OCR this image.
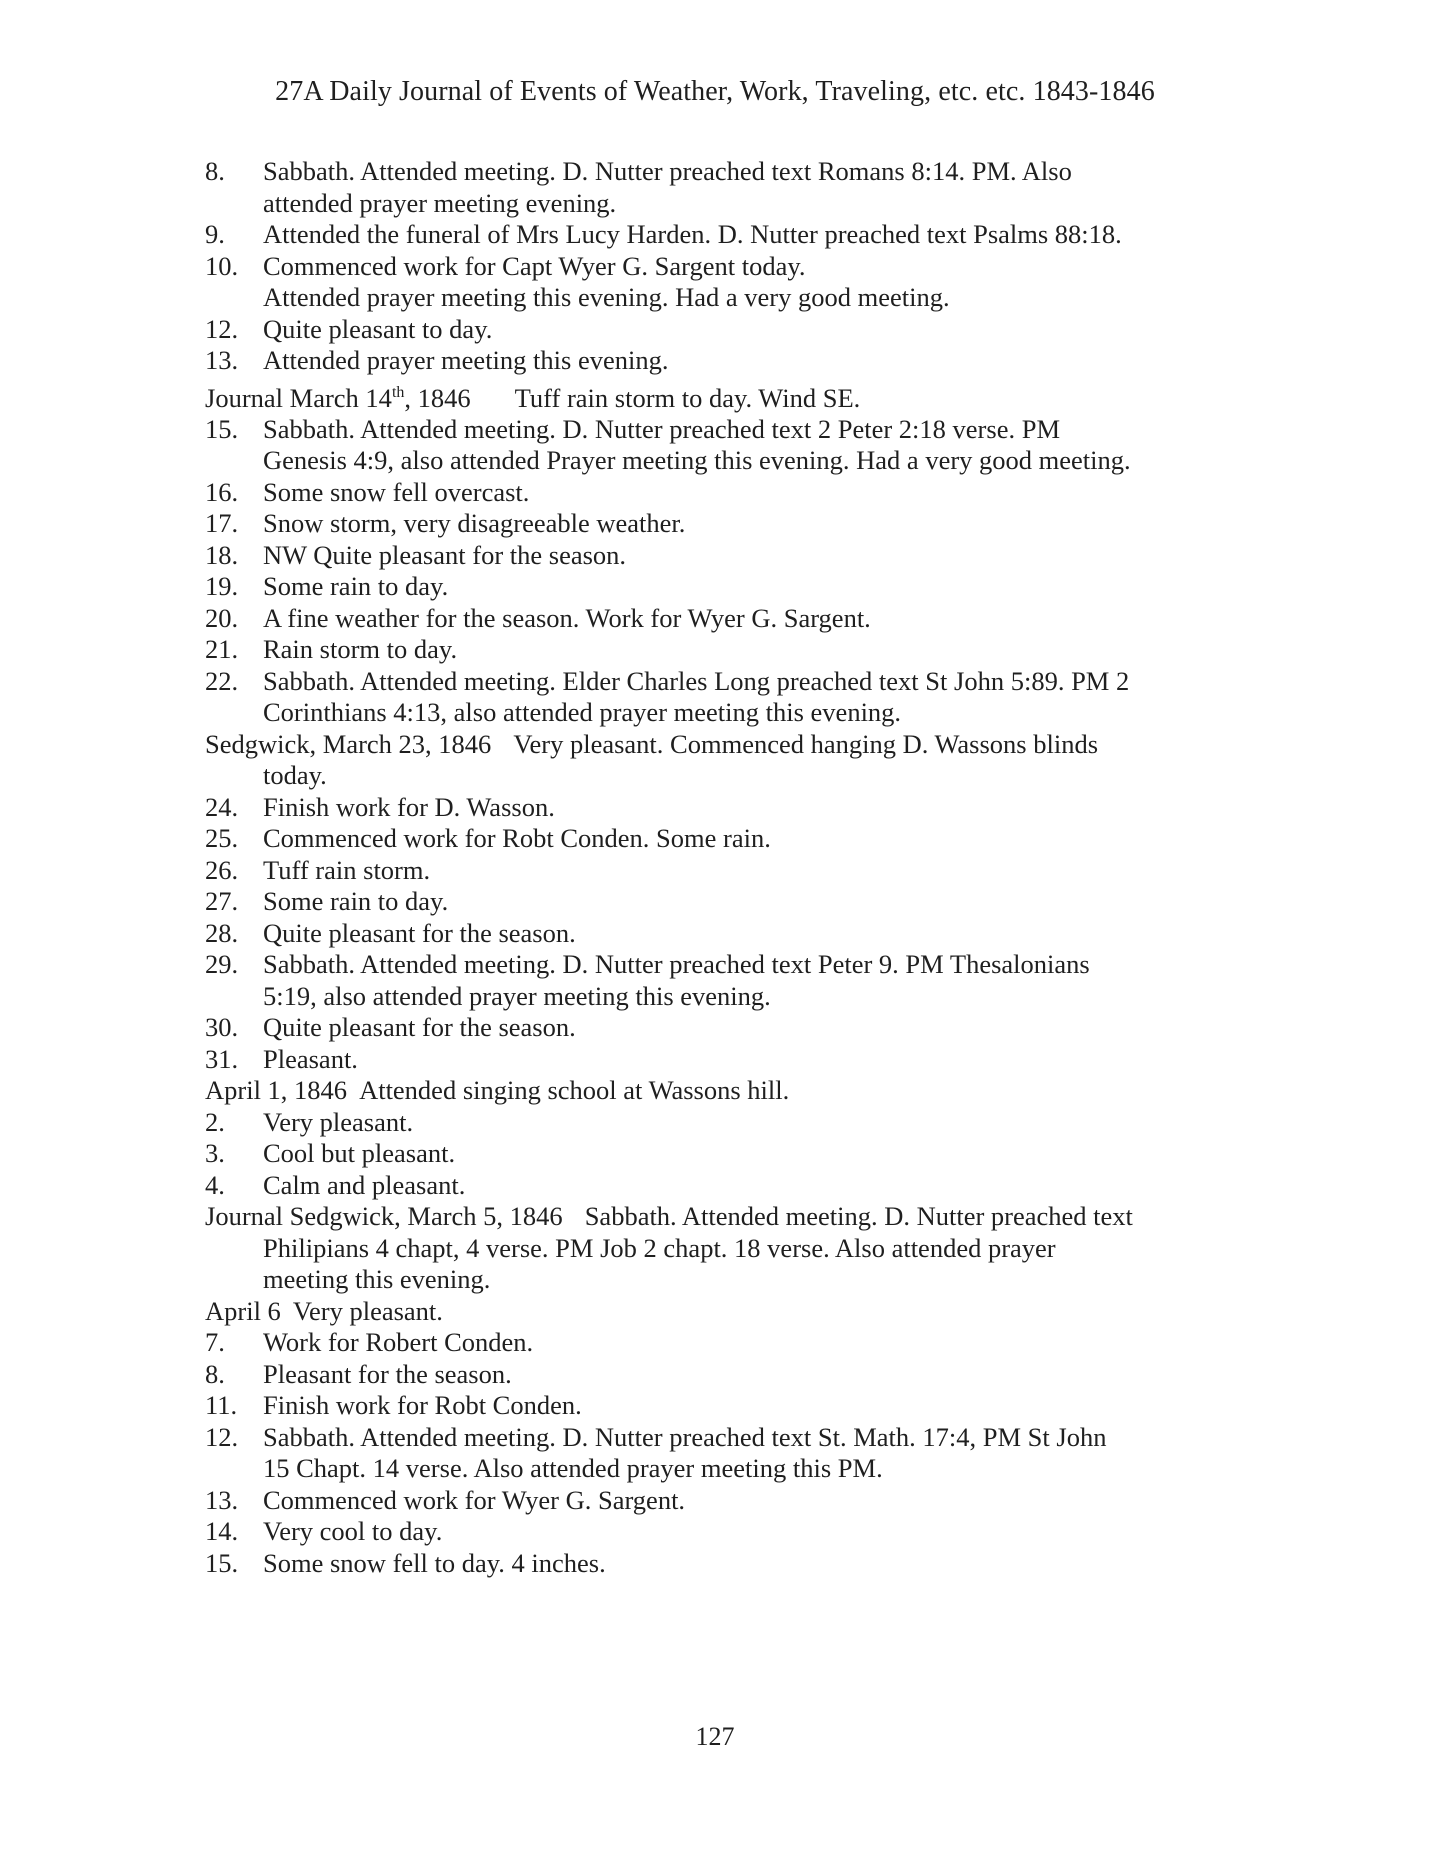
27A Daily Journal of Events of Weather, Work, Traveling, etc. etc. 1843-1846
8. Sabbath. Attended meeting. D. Nutter preached text Romans 8:14. PM. Also
attended prayer meeting evening.
9. Attended the funeral of Mrs Lucy Harden. D. Nutter preached text Psalms 88:18.
10. Commenced work for Capt Wyer G. Sargent today.
Attended prayer meeting this evening. Had a very good meeting.
12. Quite pleasant to day.
13. Attended prayer meeting this evening.
Journal March 14th, 1846 Tuff rain storm to day. Wind SE.
15. Sabbath. Attended meeting. D. Nutter preached text 2 Peter 2:18 verse. PM
Genesis 4:9, also attended Prayer meeting this evening. Had a very good meeting.
16. Some snow fell overcast.
17. Snow storm, very disagreeable weather.
18. NW Quite pleasant for the season.
19. Some rain to day.
20. A fine weather for the season. Work for Wyer G. Sargent.
21. Rain storm to day.
22. Sabbath. Attended meeting. Elder Charles Long preached text St John 5:89. PM 2
Corinthians 4:13, also attended prayer meeting this evening.
Sedgwick, March 23, 1846 Very pleasant. Commenced hanging D. Wassons blinds
today.
24. Finish work for D. Wasson.
25. Commenced work for Robt Conden. Some rain.
26. Tuff rain storm.
27. Some rain to day.
28. Quite pleasant for the season.
29. Sabbath. Attended meeting. D. Nutter preached text Peter 9. PM Thesalonians
5:19, also attended prayer meeting this evening.
30. Quite pleasant for the season.
31. Pleasant.
April 1, 1846 Attended singing school at Wassons hill.
2. Very pleasant.
3. Cool but pleasant.
4. Calm and pleasant.
Journal Sedgwick, March 5, 1846 Sabbath. Attended meeting. D. Nutter preached text
Philipians 4 chapt, 4 verse. PM Job 2 chapt. 18 verse. Also attended prayer
meeting this evening.
April 6 Very pleasant.
7. Work for Robert Conden.
8. Pleasant for the season.
11. Finish work for Robt Conden.
12. Sabbath. Attended meeting. D. Nutter preached text St. Math. 17:4, PM St John
15 Chapt. 14 verse. Also attended prayer meeting this PM.
13. Commenced work for Wyer G. Sargent.
14. Very cool to day.
15. Some snow fell to day. 4 inches.
127
